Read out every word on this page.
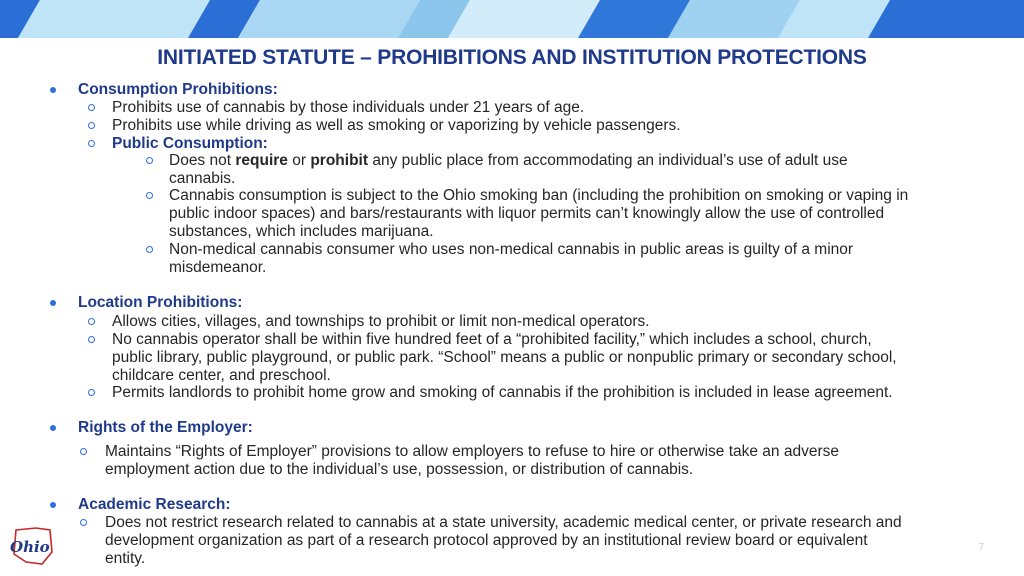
INITIATED STATUTE – PROHIBITIONS AND INSTITUTION PROTECTIONS
Consumption Prohibitions:
Prohibits use of cannabis by those individuals under 21 years of age.
Prohibits use while driving as well as smoking or vaporizing by vehicle passengers.
Public Consumption:
Does not require or prohibit any public place from accommodating an individual’s use of adult use
cannabis.
Cannabis consumption is subject to the Ohio smoking ban (including the prohibition on smoking or vaping in
public indoor spaces) and bars/restaurants with liquor permits can’t knowingly allow the use of controlled
substances, which includes marijuana.
Non-medical cannabis consumer who uses non-medical cannabis in public areas is guilty of a minor
misdemeanor.
Location Prohibitions:
Allows cities, villages, and townships to prohibit or limit non-medical operators.
No cannabis operator shall be within five hundred feet of a “prohibited facility,” which includes a school, church,
public library, public playground, or public park. “School” means a public or nonpublic primary or secondary school,
childcare center, and preschool.
Permits landlords to prohibit home grow and smoking of cannabis if the prohibition is included in lease agreement.
Rights of the Employer:
Maintains “Rights of Employer” provisions to allow employers to refuse to hire or otherwise take an adverse
employment action due to the individual’s use, possession, or distribution of cannabis.
Academic Research:
Does not restrict research related to cannabis at a state university, academic medical center, or private research and
development organization as part of a research protocol approved by an institutional review board or equivalent
entity.
Ohio	7
